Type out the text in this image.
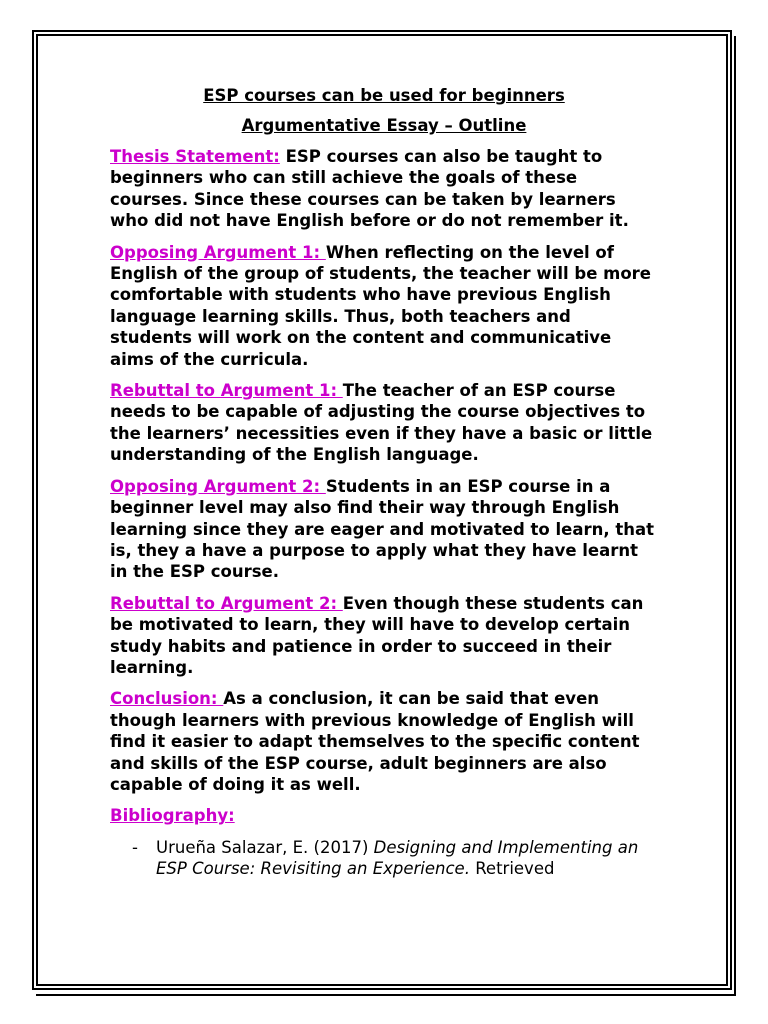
ESP courses can be used for beginners
Argumentative Essay – Outline

Thesis Statement: ESP courses can also be taught to beginners who can still achieve the goals of these courses. Since these courses can be taken by learners who did not have English before or do not remember it.

Opposing Argument 1: When reflecting on the level of English of the group of students, the teacher will be more comfortable with students who have previous English language learning skills. Thus, both teachers and students will work on the content and communicative aims of the curricula.

Rebuttal to Argument 1: The teacher of an ESP course needs to be capable of adjusting the course objectives to the learners’ necessities even if they have a basic or little understanding of the English language.

Opposing Argument 2: Students in an ESP course in a beginner level may also find their way through English learning since they are eager and motivated to learn, that is, they a have a purpose to apply what they have learnt in the ESP course.

Rebuttal to Argument 2: Even though these students can be motivated to learn, they will have to develop certain study habits and patience in order to succeed in their learning.

Conclusion: As a conclusion, it can be said that even though learners with previous knowledge of English will find it easier to adapt themselves to the specific content and skills of the ESP course, adult beginners are also capable of doing it as well.

Bibliography:
- Urueña Salazar, E. (2017) Designing and Implementing an ESP Course: Revisiting an Experience. Retrieved
